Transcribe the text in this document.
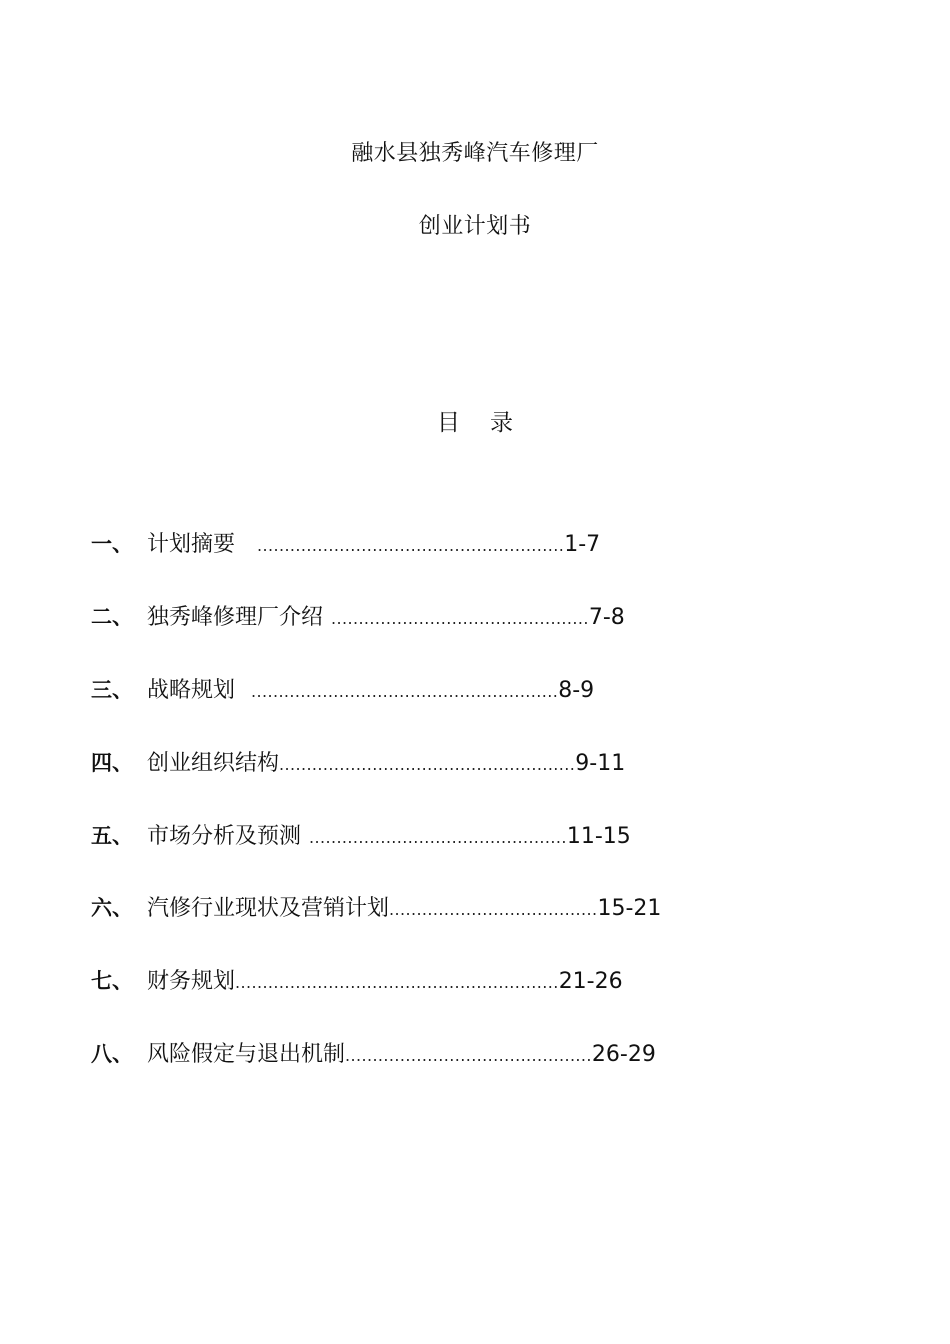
融水县独秀峰汽车修理厂
创业计划书
目 录
一、 计划摘要 ........................................................ 1-7
二、 独秀峰修理厂介绍 ............................................... 7-8
三、 战略规划 ........................................................ 8-9
四、 创业组织结构 ...................................................... 9-11
五、 市场分析及预测 ............................................... 11-15
六、 汽修行业现状及营销计划 ...................................... 15-21
七、 财务规划 ........................................................... 21-26
八、 风险假定与退出机制 ............................................. 26-29
